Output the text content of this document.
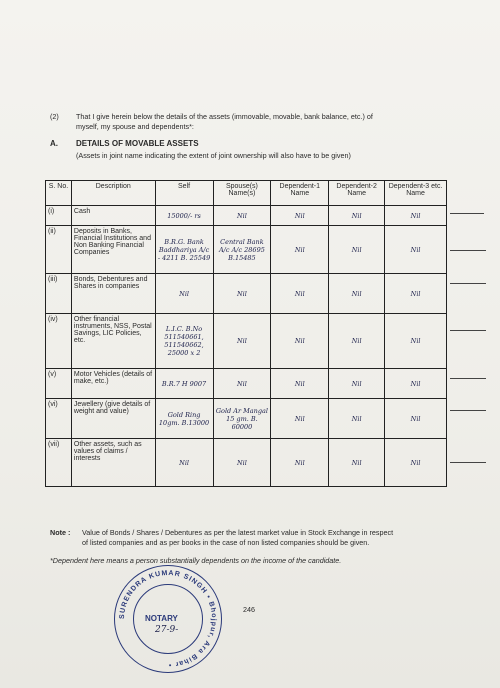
(2) That I give herein below the details of the assets (immovable, movable, bank balance, etc.) of
myself, my spouse and dependents*:
A. DETAILS OF MOVABLE ASSETS
(Assets in joint name indicating the extent of joint ownership will also have to be given)
S. No.	Description	Self	Spouse(s) Name(s)	Dependent-1 Name	Dependent-2 Name	Dependent-3 etc. Name
(i)	Cash	15000/- rs	Nil	Nil	Nil	Nil
(ii)	Deposits in Banks, Financial Institutions and Non Banking Financial Companies	B.R.G. Bank Baddhariya A/c - 4211 B. 25549	Central Bank A/c A/c 28695 B.15485	Nil	Nil	Nil
(iii)	Bonds, Debentures and Shares in companies	Nil	Nil	Nil	Nil	Nil
(iv)	Other financial instruments, NSS, Postal Savings, LIC Policies, etc.	L.I.C. B.No 511540661, 511540662, 25000 x 2	Nil	Nil	Nil	Nil
(v)	Motor Vehicles (details of make, etc.)	B.R.7 H 9007	Nil	Nil	Nil	Nil
(vi)	Jewellery (give details of weight and value)	Gold Ring 10gm. B.13000	Gold Ar Mangal 15 gm. B. 60000	Nil	Nil	Nil
(vii)	Other assets, such as values of claims / interests	Nil	Nil	Nil	Nil	Nil
Note : Value of Bonds / Shares / Debentures as per the latest market value in Stock Exchange in respect
of listed companies and as per books in the case of non listed companies should be given.
*Dependent here means a person substantially dependents on the income of the candidate.
246
SURENDRA KUMAR SINGH • Bhojpur, Ara Bihar •
NOTARY
27-9-
